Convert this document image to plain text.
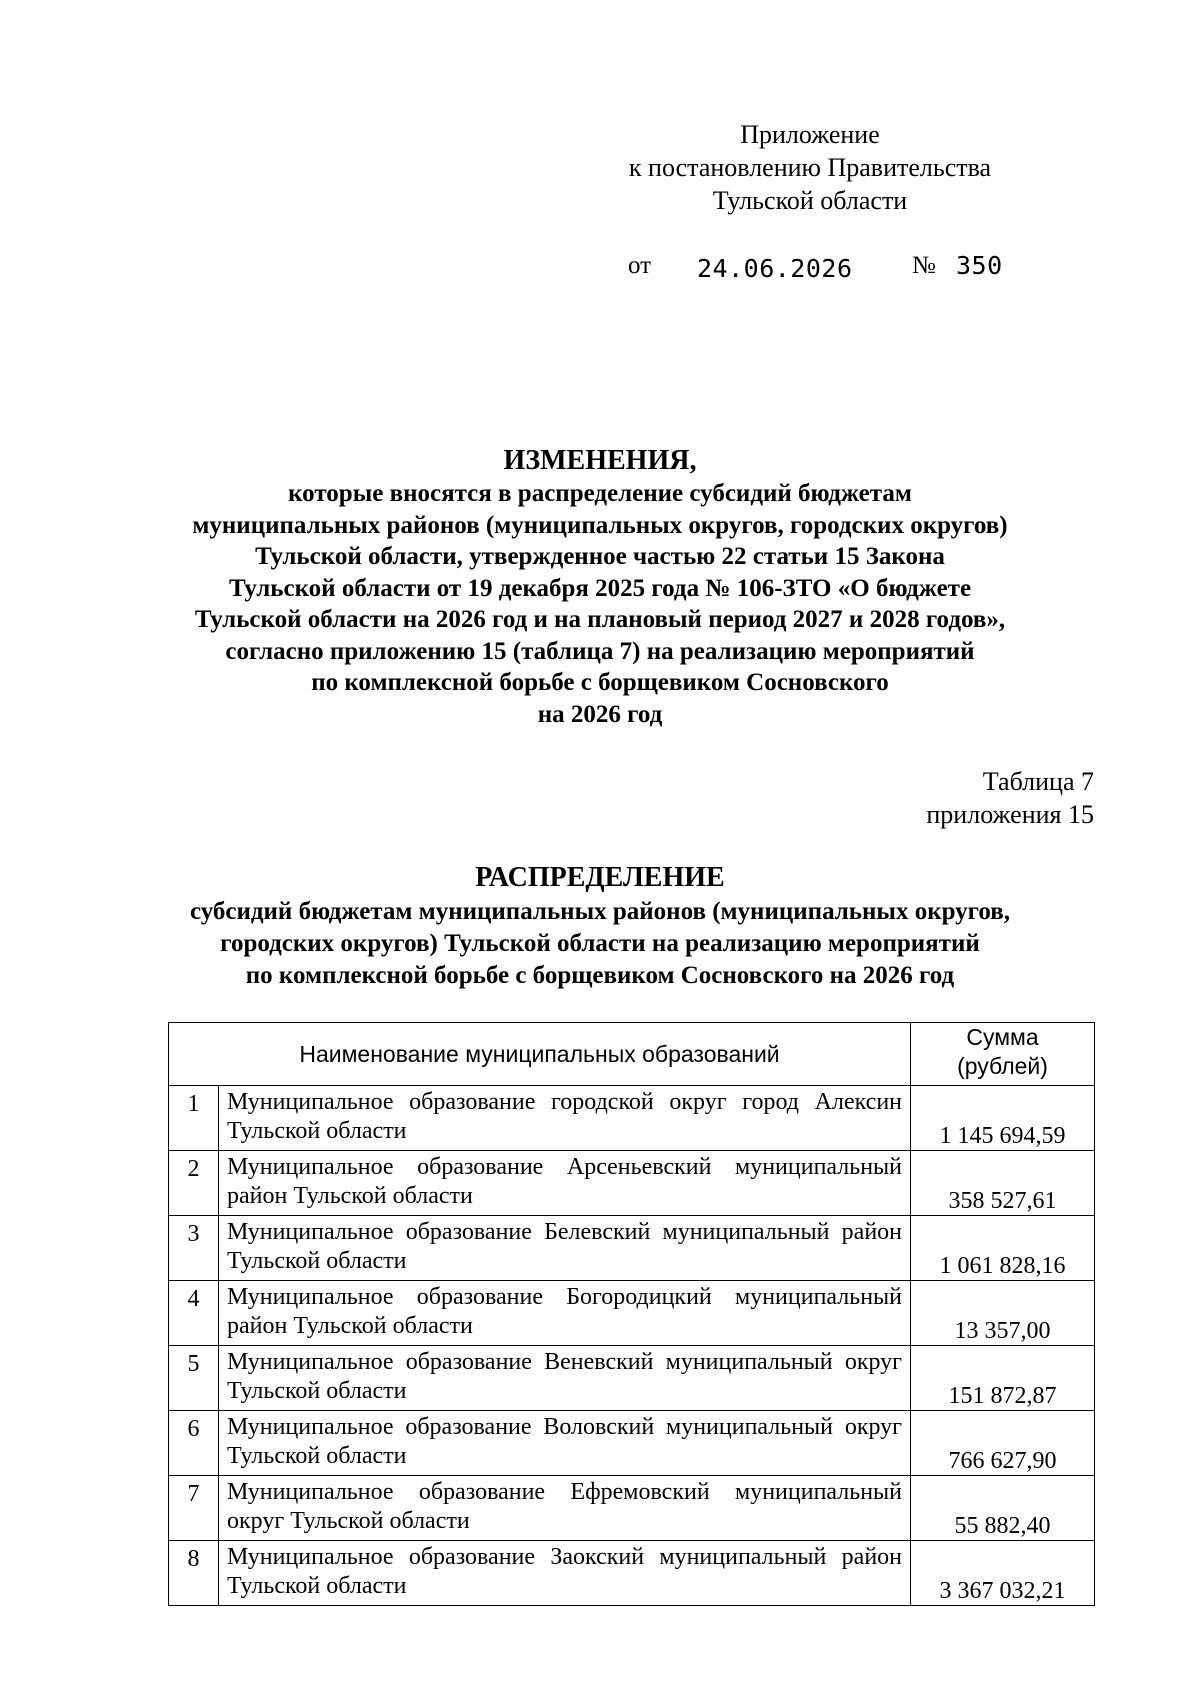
Приложение
к постановлению Правительства
Тульской области
от 24.06.2026 № 350
ИЗМЕНЕНИЯ,
которые вносятся в распределение субсидий бюджетам
муниципальных районов (муниципальных округов, городских округов)
Тульской области, утвержденное частью 22 статьи 15 Закона
Тульской области от 19 декабря 2025 года № 106-ЗТО «О бюджете
Тульской области на 2026 год и на плановый период 2027 и 2028 годов»,
согласно приложению 15 (таблица 7) на реализацию мероприятий
по комплексной борьбе с борщевиком Сосновского
на 2026 год
Таблица 7
приложения 15
РАСПРЕДЕЛЕНИЕ
субсидий бюджетам муниципальных районов (муниципальных округов,
городских округов) Тульской области на реализацию мероприятий
по комплексной борьбе с борщевиком Сосновского на 2026 год
Наименование муниципальных образований		Сумма
(рублей)

1	Муниципальное образование городской округ город Алексин Тульской области	1 145 694,59
2	Муниципальное образование Арсеньевский муниципальный район Тульской области	358 527,61
3	Муниципальное образование Белевский муниципальный район Тульской области	1 061 828,16
4	Муниципальное образование Богородицкий муниципальный район Тульской области	13 357,00
5	Муниципальное образование Веневский муниципальный округ Тульской области	151 872,87
6	Муниципальное образование Воловский муниципальный округ Тульской области	766 627,90
7	Муниципальное образование Ефремовский муниципальный округ Тульской области	55 882,40
8	Муниципальное образование Заокский муниципальный район Тульской области	3 367 032,21
